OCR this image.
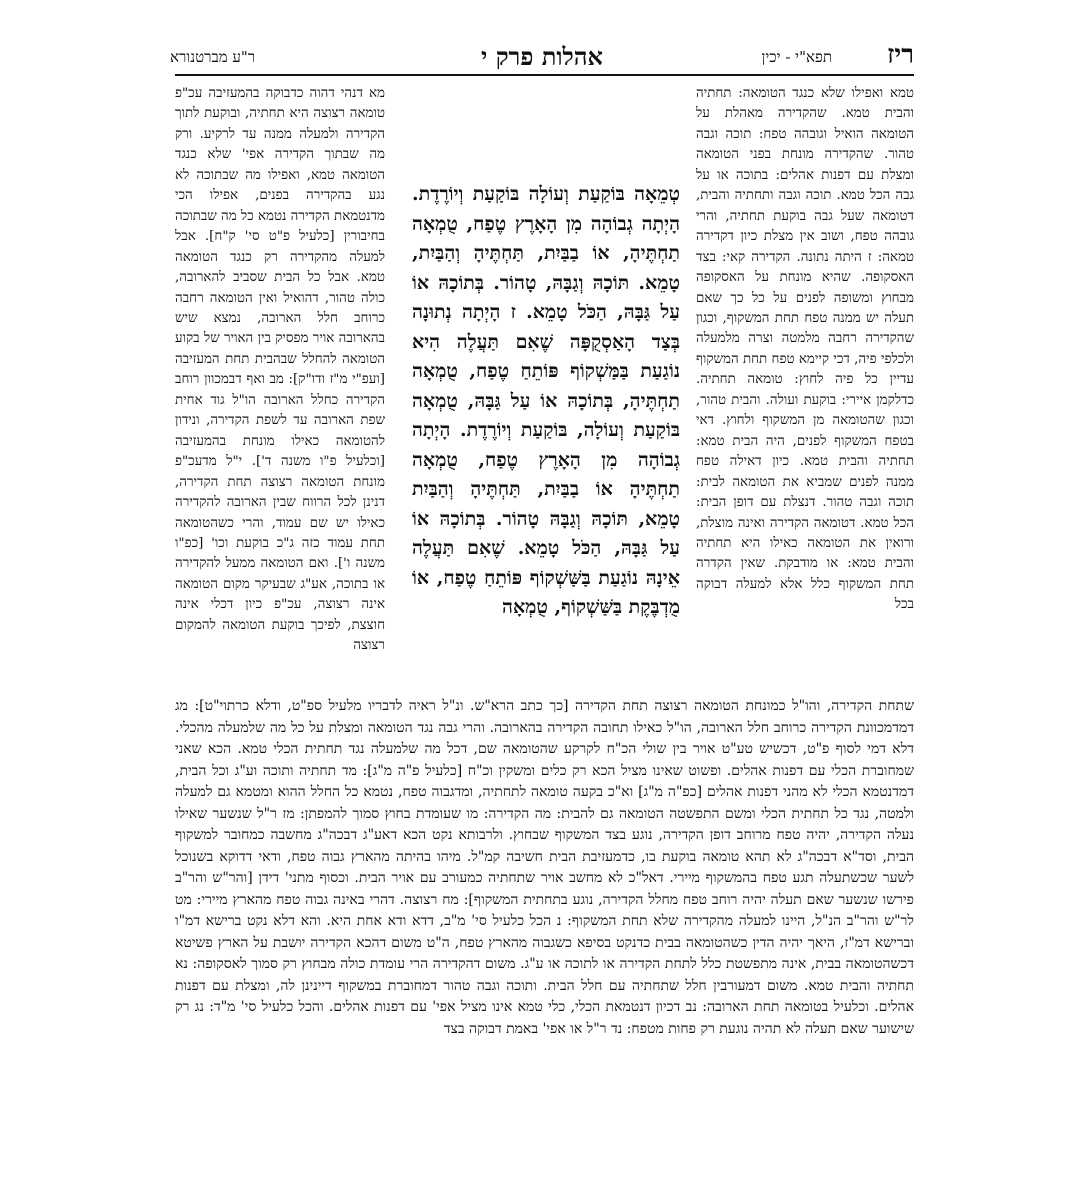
ריז
תפא"י - יכין
אהלות פרק י
ר"ע מברטנורא

טמא ואפילו שלא כנגד הטומאה: תחתיה והבית טמא. שהקדירה מאהלת על הטומאה הואיל וגובהה טפח: תוכה וגבה טהור. שהקדירה מונחת בפני הטומאה ומצלת עם דפנות אהלים: בתוכה או על גבה הכל טמא. תוכה וגבה ותחתיה והבית, דטומאה שעל גבה בוקעת תחתיה, והרי גובהה טפח, ושוב אין מצלת כיון דקדירה טמאה: ז היתה נתונה. הקדירה קאי: בצד האסקופה. שהיא מונחת על האסקופה מבחוץ ומשופה לפנים על כל כך שאם תעלה יש ממנה טפח תחת המשקוף, וכגון שהקדירה רחבה מלמטה וצרה מלמעלה ולכלפי פיה, דכי קיימא טפח תחת המשקוף עדיין כל פיה לחוץ: טומאה תחתיה. כדלקמן איירי: בוקעת ועולה. והבית טהור, וכגון שהטומאה מן המשקוף ולחוץ. דאי בטפח המשקוף לפנים, היה הבית טמא: תחתיה והבית טמא. כיון דאילה טפח ממנה לפנים שמביא את הטומאה לבית: תוכה וגבה טהור. דנצלת עם דופן הבית: הכל טמא. דטומאה הקדירה ואינה מוצלת, ורואין את הטומאה כאילו היא תחתיה והבית טמא: או מודבקת. שאין הקדרה תחת המשקוף כלל אלא למעלה דבוקה בכל

טְמֵאָה בּוֹקַעַת וְעוֹלָה בּוֹקַעַת וְיוֹרֶדֶת. הָיְתָה גְבוֹהָה מִן הָאָרֶץ טֶפַח, טֻמְאָה תַחְתֶּיהָ, אוֹ בַבַּיִת, תַּחְתֶּיהָ וְהַבַּיִת, טָמֵא. תּוֹכָהּ וְגַבָּהּ, טָהוֹר. בְּתוֹכָהּ אוֹ עַל גַּבָּהּ, הַכֹּל טָמֵא. ז הָיְתָה נְתוּנָה בְּצַד הָאַסְקֻפָּה שֶׁאִם תַּעֲלֶה הִיא נוֹגַעַת בַּמַּשְׁקוֹף פּוֹתֵחַ טֶפַח, טֻמְאָה תַחְתֶּיהָ, בְּתוֹכָהּ אוֹ עַל גַּבָּהּ, טֻמְאָה בּוֹקַעַת וְעוֹלָה, בּוֹקַעַת וְיוֹרֶדֶת. הָיְתָה גְבוֹהָה מִן הָאָרֶץ טֶפַח, טֻמְאָה תַחְתֶּיהָ אוֹ בַבַּיִת, תַּחְתֶּיהָ וְהַבַּיִת טָמֵא, תּוֹכָהּ וְגַבָּהּ טָהוֹר. בְּתוֹכָהּ אוֹ עַל גַּבָּהּ, הַכֹּל טָמֵא. שֶׁאִם תַּעֲלֶה אֵינָהּ נוֹגַעַת בַּשַּׁשְׁקוֹף פּוֹתֵחַ טֶפַח, אוֹ מֻדְבֶּקֶת בַּשַּׁשְׁקוֹף, טֻמְאָה

מא דנהי דהוה כדבוקה בהמעזיבה עכ"פ טומאה רצוצה היא תחתיה, ובוקעת לתוך הקדירה ולמעלה ממנה עד לרקיע. ורק מה שבתוך הקדירה אפי' שלא כנגד הטומאה טמא, ואפילו מה שבתוכה לא נגע בהקדירה בפנים, אפילו הכי מדנטמאת הקדירה נטמא כל מה שבתוכה בחיבורין [כלעיל פ"ט סי' ק"ח]. אבל למעלה מהקדירה רק כנגד הטומאה טמא. אבל כל הבית שסביב להארובה, כולה טהור, דהואיל ואין הטומאה רחבה כרוחב חלל הארובה, נמצא שיש בהארובה אויר מפסיק בין האויר של בקוע הטומאה להחלל שבהבית תחת המעזיבה [ועפ"י מ"ז ודו"ק]: מב ואף דבמכוון רוחב הקדירה כחלל הארובה הו"ל גוד אחית שפת הארובה עד לשפת הקדירה, ונידון להטומאה כאילו מונחת בהמעזיבה [וכלעיל פ"ו משנה ד']. י"ל מדעכ"פ מונחת הטומאה רצוצה תחת הקדירה, דנינן לכל הרווח שבין הארובה להקדירה כאילו יש שם עמוד, והרי כשהטומאה תחת עמוד כזה ג"כ בוקעת וכו' [כפ"ו משנה ו']. ואם הטומאה ממעל להקדירה או בתוכה, אע"ג שבעיקר מקום הטומאה אינה רצוצה, עכ"פ כיון דכלי אינה חוצצת, לפיכך בוקעת הטומאה להמקום רצוצה

שתחת הקדירה, והו"ל כמונחת הטומאה רצוצה תחת הקדירה [כך כתב הרא"ש. ונ"ל ראיה לדבריו מלעיל ספ"ט, ודלא כרתוי"ט]: מג דמדמכוונת הקדירה כרוחב חלל הארובה, הו"ל כאילו תחובה הקדירה בהארובה. והרי גבה נגד הטומאה ומצלת על כל מה שלמעלה מהכלי. דלא דמי לסוף פ"ט, דכשיש טע"ט אויר בין שולי הכ"ח לקרקע שהטומאה שם, דכל מה שלמעלה נגד תחתית הכלי טמא. הכא שאני שמחוברת הכלי עם דפנות אהלים. ופשוט שאינו מציל הכא רק כלים ומשקין וכ"ח [כלעיל פ"ה מ"ג]: מד תחתיה ותוכה וע"ג וכל הבית, דמדנטמא הכלי לא מהני דפנות אהלים [כפ"ה מ"ג] וא"כ בקעה טומאה לתחתיה, ומדגבוה טפח, נטמא כל החלל ההוא ומטמא גם למעלה ולמטה, נגד כל תחתית הכלי ומשם התפשטה הטומאה גם להבית: מה הקדירה: מו שעומדת בחוץ סמוך להמפתן: מז ר"ל שנשער שאילו נעלה הקדירה, יהיה טפח מרוחב דופן הקדירה, נוגע בצד המשקוף שבחוץ. ולרבותא נקט הכא דאע"ג דבכה"ג מחשבה כמחובר למשקוף הבית, וסד"א דבכה"ג לא תהא טומאה בוקעת בו, כדמעזיבת הבית חשיבה קמ"ל. מיהו בהיתה מהארץ גבוה טפח, ודאי דדוקא בשנוכל לשער שכשתעלה תגע טפח בהמשקוף מיירי. דאל"כ לא מחשב אויר שתחתיה כמעורב עם אויר הבית. וכסוף מתני' דידן [והר"ש והר"ב פירשו שנשער שאם תעלה יהיה רוחב טפח מחלל הקדירה, נוגע בתחתית המשקוף]: מח רצוצה. דהרי באינה גבוה טפח מהארץ מיירי: מט לר"ש והר"ב הנ"ל, היינו למעלה מהקדירה שלא תחת המשקוף: נ הכל כלעיל סי' מ"ב, דדא ודא אחת היא. והא דלא נקט ברישא דמ"ו וברישא דמ"ז, היאך יהיה הדין כשהטומאה בבית כדנקט בסיפא כשגבוה מהארץ טפח, ה"ט משום דהכא הקדירה יושבת על הארץ פשיטא דכשהטומאה בבית, אינה מתפשטת כלל לתחת הקדירה או לתוכה או ע"ג. משום דהקדירה הרי עומדת כולה מבחוץ רק סמוך לאסקופה: נא תחתיה והבית טמא. משום דמעורבין חלל שתחתיה עם חלל הבית. ותוכה וגבה טהור דמחוברת במשקוף דיינינן לה, ומצלת עם דפנות אהלים. וכלעיל בטומאה תחת הארובה: נב דכיון דנטמאת הכלי, כלי טמא אינו מציל אפי' עם דפנות אהלים. והכל כלעיל סי' מ"ד: נג רק שישוער שאם תעלה לא תהיה נוגעת רק פחות מטפח: נד ר"ל או אפי' באמת דבוקה בצד
